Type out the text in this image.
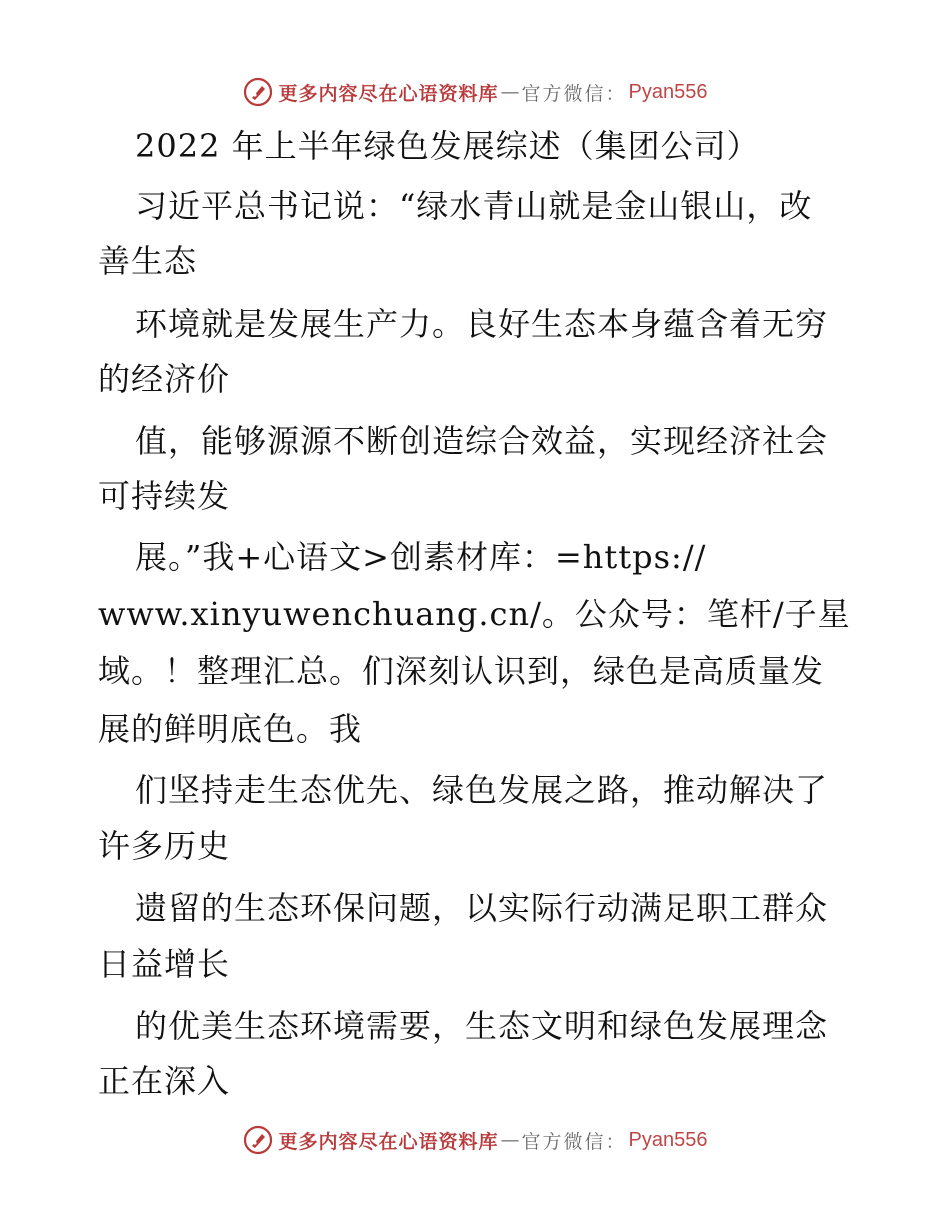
更多内容尽在心语资料库 — 官方微信： Pyan556
2022 年上半年绿色发展综述（集团公司）
习近平总书记说：“绿水青山就是金山银山，改
善生态
环境就是发展生产力。良好生态本身蕴含着无穷
的经济价
值，能够源源不断创造综合效益，实现经济社会
可持续发
展。”我+心语文>创素材库：=https://
www.xinyuwenchuang.cn/。公众号：笔杆/子星
域。！整理汇总。们深刻认识到，绿色是高质量发
展的鲜明底色。我
们坚持走生态优先、绿色发展之路，推动解决了
许多历史
遗留的生态环保问题，以实际行动满足职工群众
日益增长
的优美生态环境需要，生态文明和绿色发展理念
正在深入
更多内容尽在心语资料库 — 官方微信： Pyan556
